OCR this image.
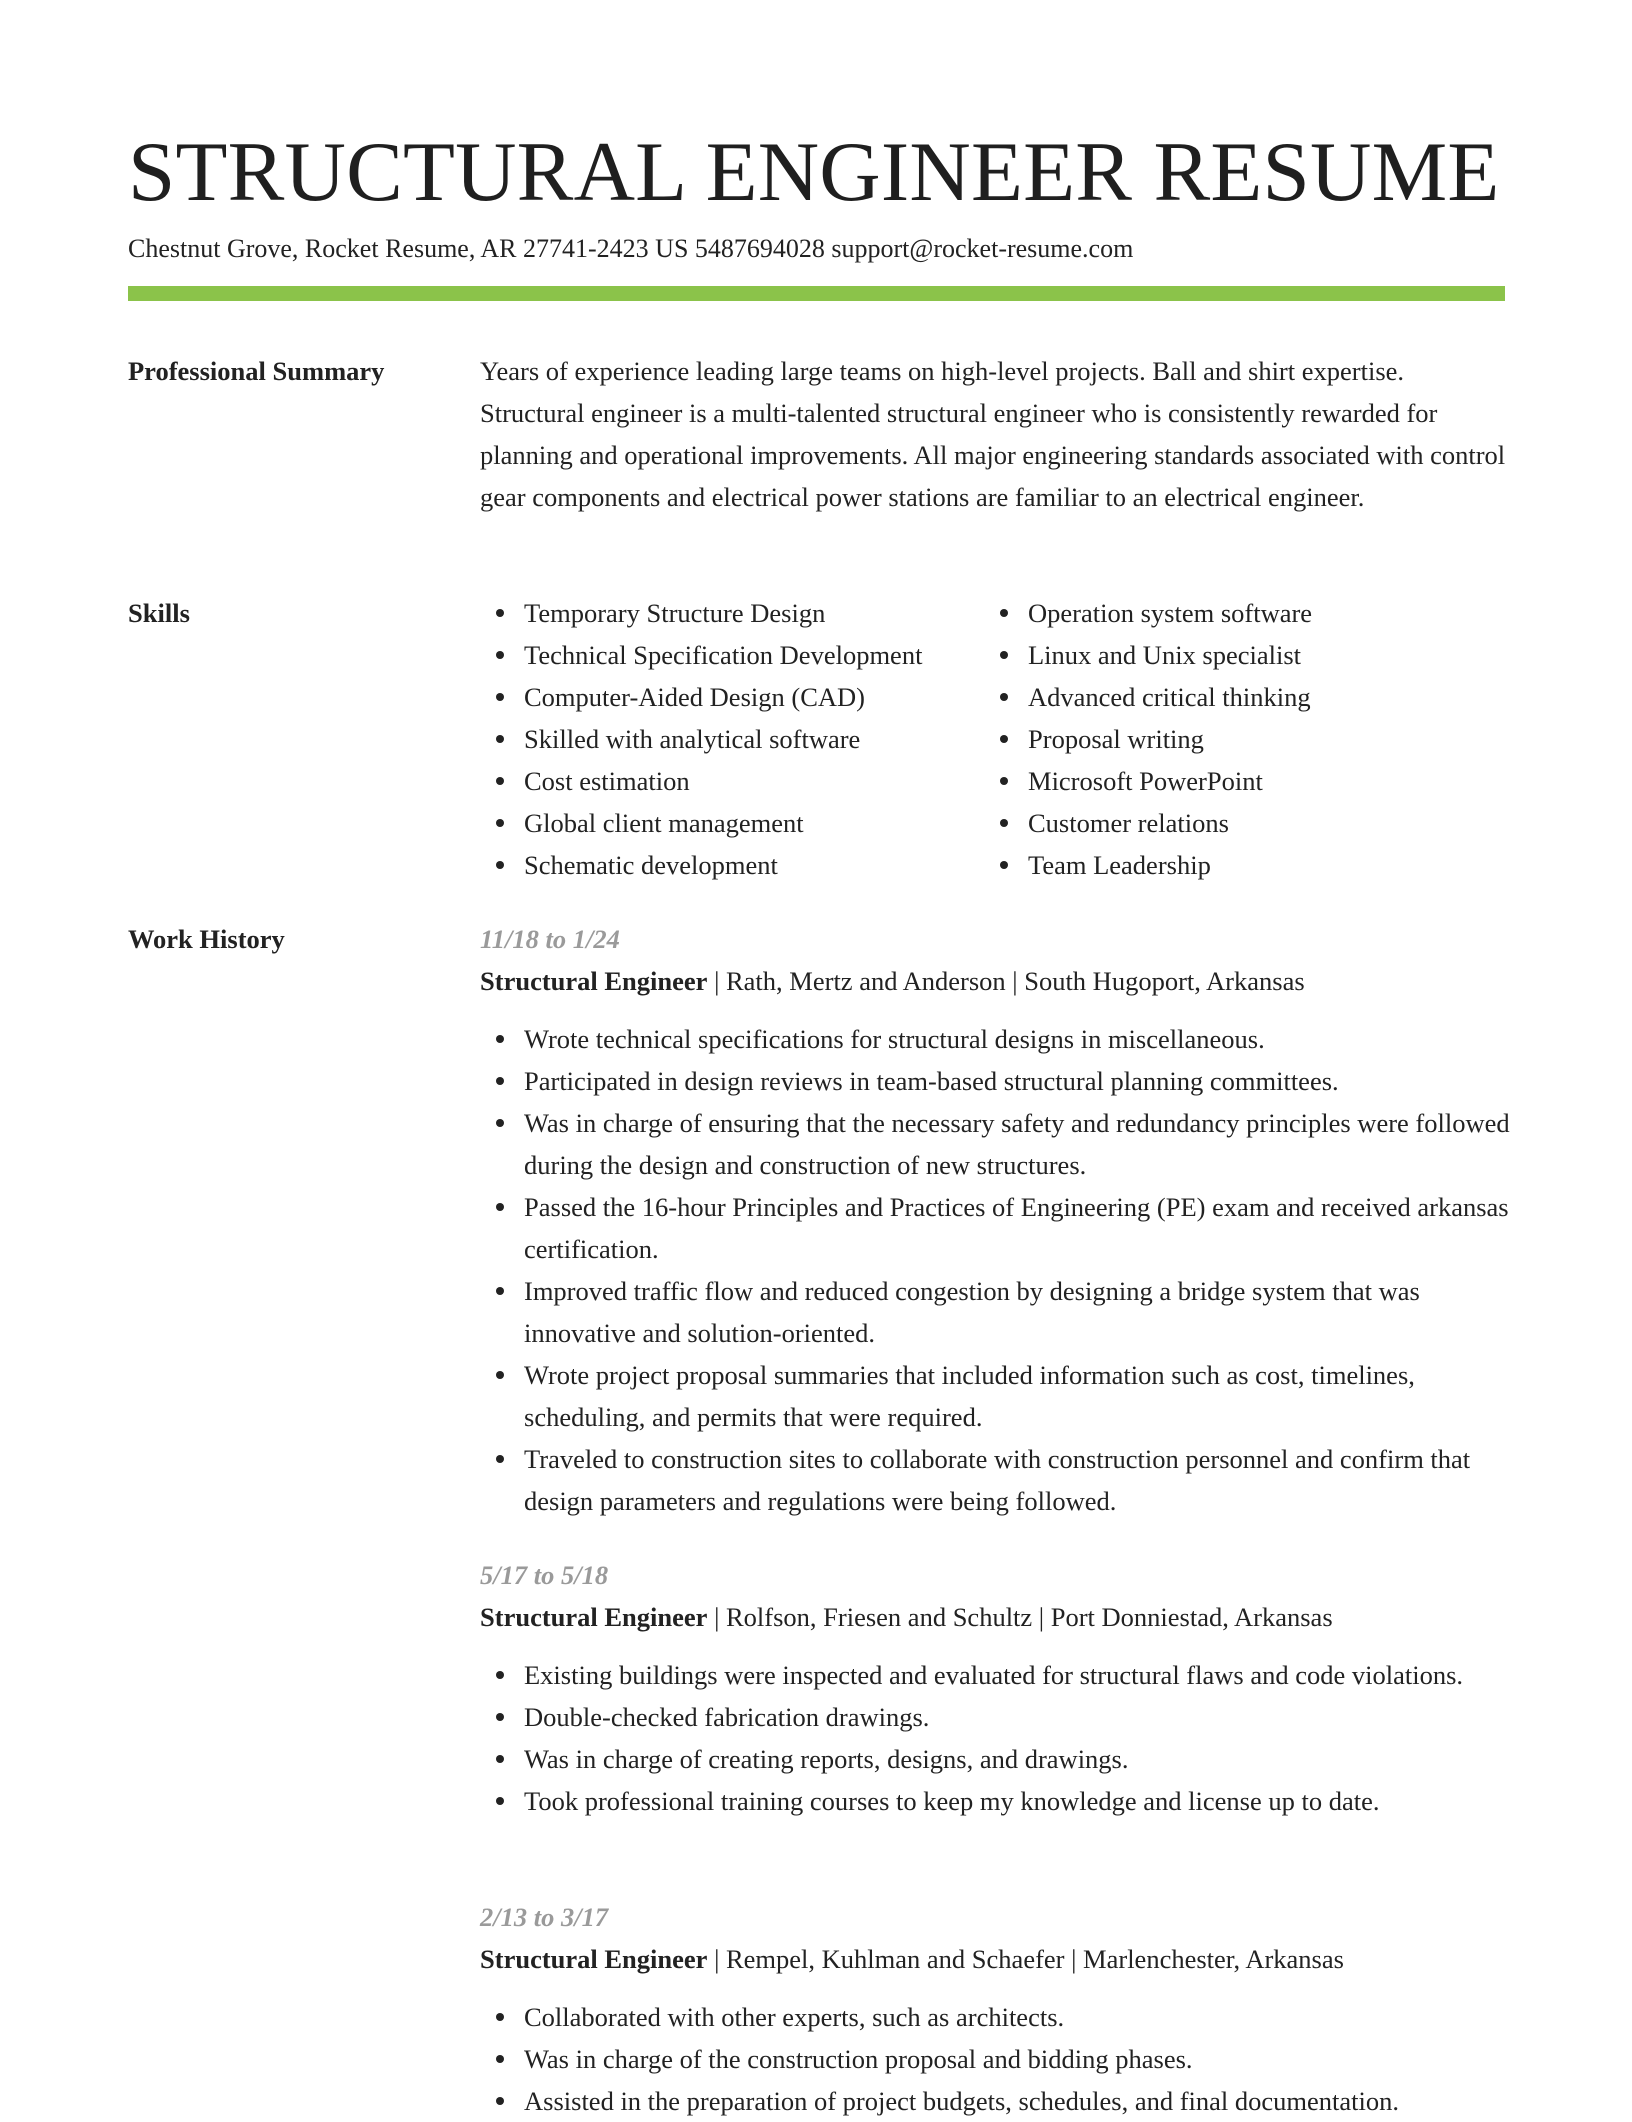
STRUCTURAL ENGINEER RESUME
Chestnut Grove, Rocket Resume, AR 27741-2423 US 5487694028 support@rocket-resume.com
Professional Summary	Years of experience leading large teams on high-level projects. Ball and shirt expertise. Structural engineer is a multi-talented structural engineer who is consistently rewarded for planning and operational improvements. All major engineering standards associated with control gear components and electrical power stations are familiar to an electrical engineer.

Skills	Temporary Structure Design
Technical Specification Development
Computer-Aided Design (CAD)
Skilled with analytical software
Cost estimation
Global client management
Schematic development
Operation system software
Linux and Unix specialist
Advanced critical thinking
Proposal writing
Microsoft PowerPoint
Customer relations
Team Leadership
Work History	11/18 to 1/24
Structural Engineer | Rath, Mertz and Anderson | South Hugoport, Arkansas
Wrote technical specifications for structural designs in miscellaneous.
Participated in design reviews in team-based structural planning committees.
Was in charge of ensuring that the necessary safety and redundancy principles were followed during the design and construction of new structures.
Passed the 16-hour Principles and Practices of Engineering (PE) exam and received arkansas certification.
Improved traffic flow and reduced congestion by designing a bridge system that was innovative and solution-oriented.
Wrote project proposal summaries that included information such as cost, timelines, scheduling, and permits that were required.
Traveled to construction sites to collaborate with construction personnel and confirm that design parameters and regulations were being followed.
5/17 to 5/18
Structural Engineer | Rolfson, Friesen and Schultz | Port Donniestad, Arkansas
Existing buildings were inspected and evaluated for structural flaws and code violations.
Double-checked fabrication drawings.
Was in charge of creating reports, designs, and drawings.
Took professional training courses to keep my knowledge and license up to date.
2/13 to 3/17
Structural Engineer | Rempel, Kuhlman and Schaefer | Marlenchester, Arkansas
Collaborated with other experts, such as architects.
Was in charge of the construction proposal and bidding phases.
Assisted in the preparation of project budgets, schedules, and final documentation.
